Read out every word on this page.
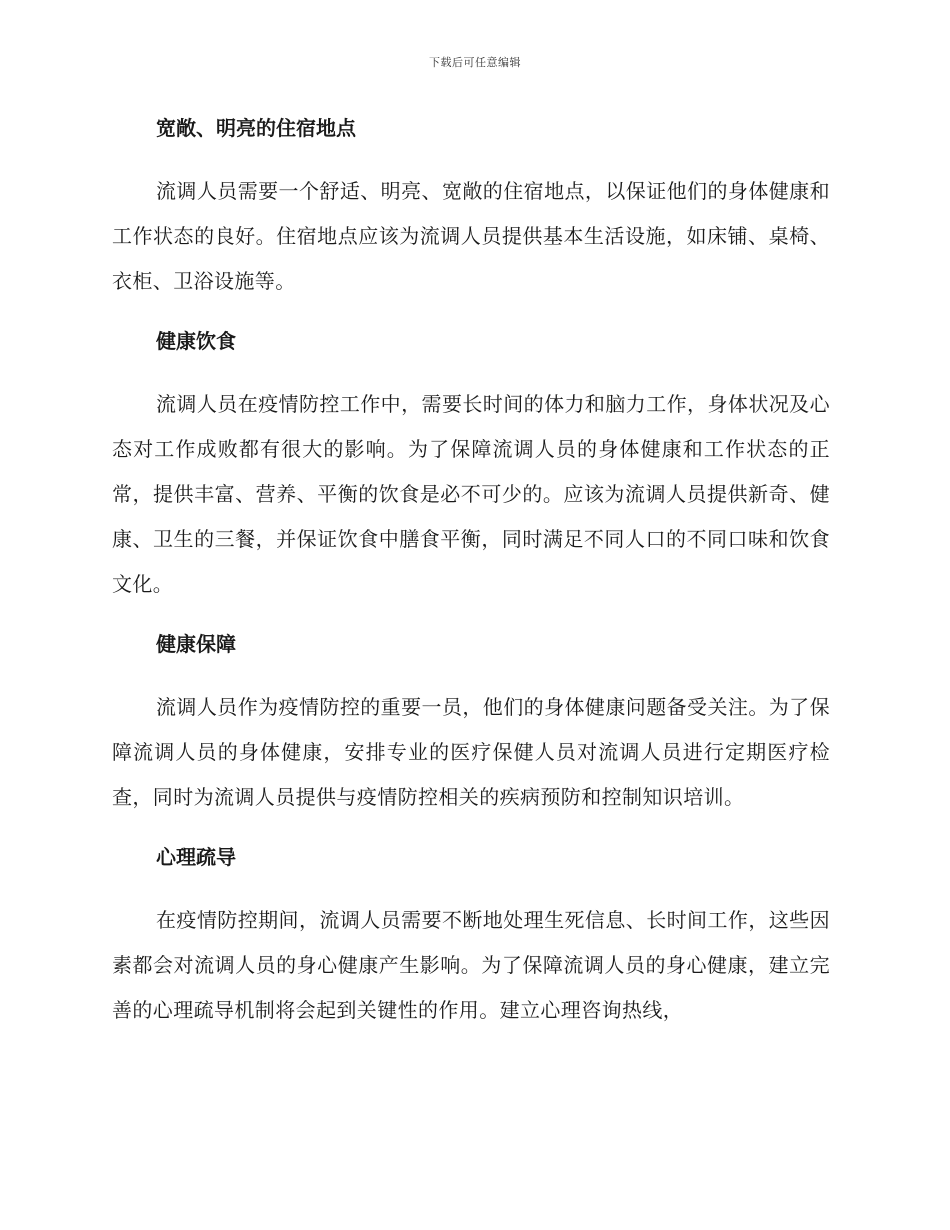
下载后可任意编辑
宽敞、明亮的住宿地点

流调人员需要一个舒适、明亮、宽敞的住宿地点，以保证他们的身体健康和工作状态的良好。住宿地点应该为流调人员提供基本生活设施，如床铺、桌椅、衣柜、卫浴设施等。

健康饮食

流调人员在疫情防控工作中，需要长时间的体力和脑力工作，身体状况及心态对工作成败都有很大的影响。为了保障流调人员的身体健康和工作状态的正常，提供丰富、营养、平衡的饮食是必不可少的。应该为流调人员提供新奇、健康、卫生的三餐，并保证饮食中膳食平衡，同时满足不同人口的不同口味和饮食文化。

健康保障

流调人员作为疫情防控的重要一员，他们的身体健康问题备受关注。为了保障流调人员的身体健康，安排专业的医疗保健人员对流调人员进行定期医疗检查，同时为流调人员提供与疫情防控相关的疾病预防和控制知识培训。

心理疏导

在疫情防控期间，流调人员需要不断地处理生死信息、长时间工作，这些因素都会对流调人员的身心健康产生影响。为了保障流调人员的身心健康，建立完善的心理疏导机制将会起到关键性的作用。建立心理咨询热线，
